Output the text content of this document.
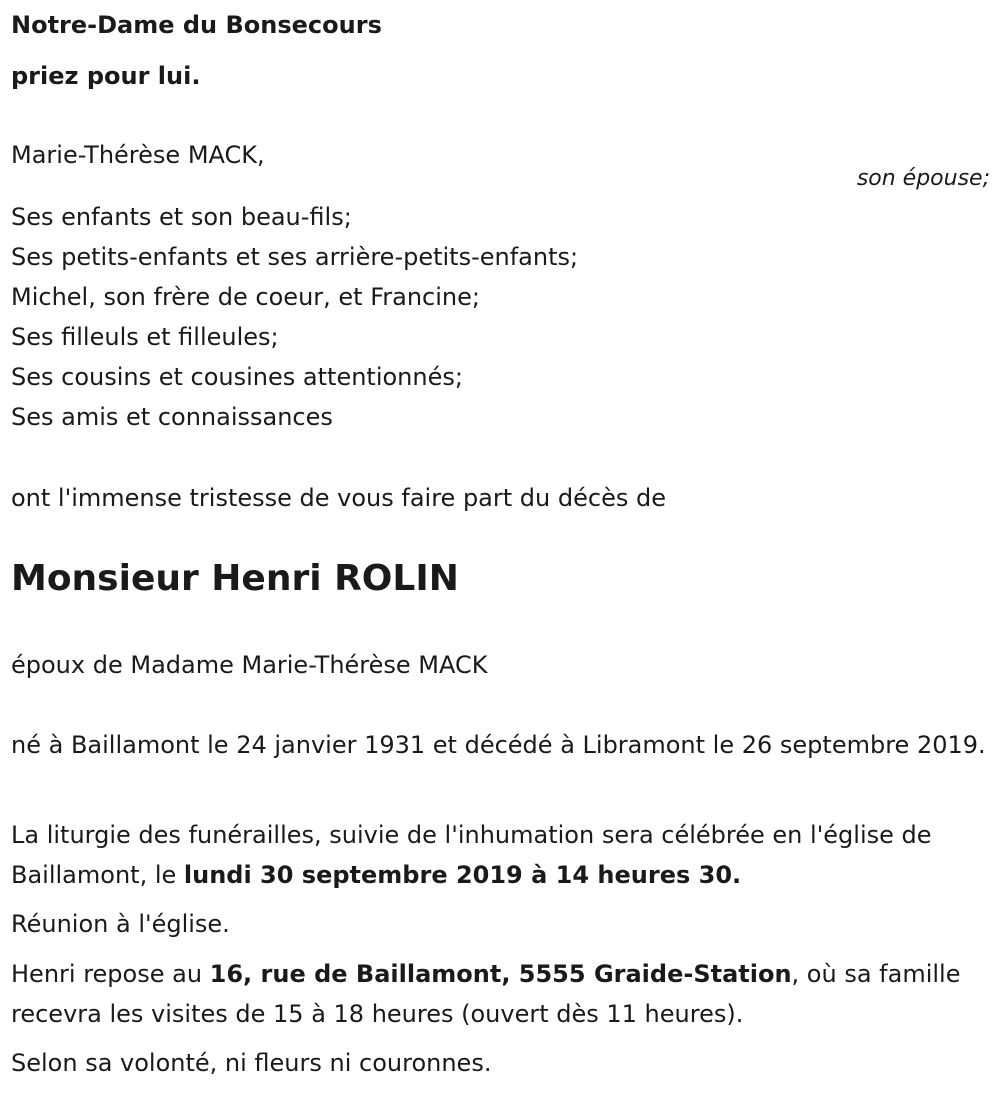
Notre-Dame du Bonsecours
priez pour lui.
Marie-Thérèse MACK,
son épouse;
Ses enfants et son beau-fils;
Ses petits-enfants et ses arrière-petits-enfants;
Michel, son frère de coeur, et Francine;
Ses filleuls et filleules;
Ses cousins et cousines attentionnés;
Ses amis et connaissances
ont l'immense tristesse de vous faire part du décès de
Monsieur Henri ROLIN
époux de Madame Marie-Thérèse MACK
né à Baillamont le 24 janvier 1931 et décédé à Libramont le 26 septembre 2019.
La liturgie des funérailles, suivie de l'inhumation sera célébrée en l'église de Baillamont, le lundi 30 septembre 2019 à 14 heures 30.
Réunion à l'église.
Henri repose au 16, rue de Baillamont, 5555 Graide-Station, où sa famille recevra les visites de 15 à 18 heures (ouvert dès 11 heures).
Selon sa volonté, ni fleurs ni couronnes.
